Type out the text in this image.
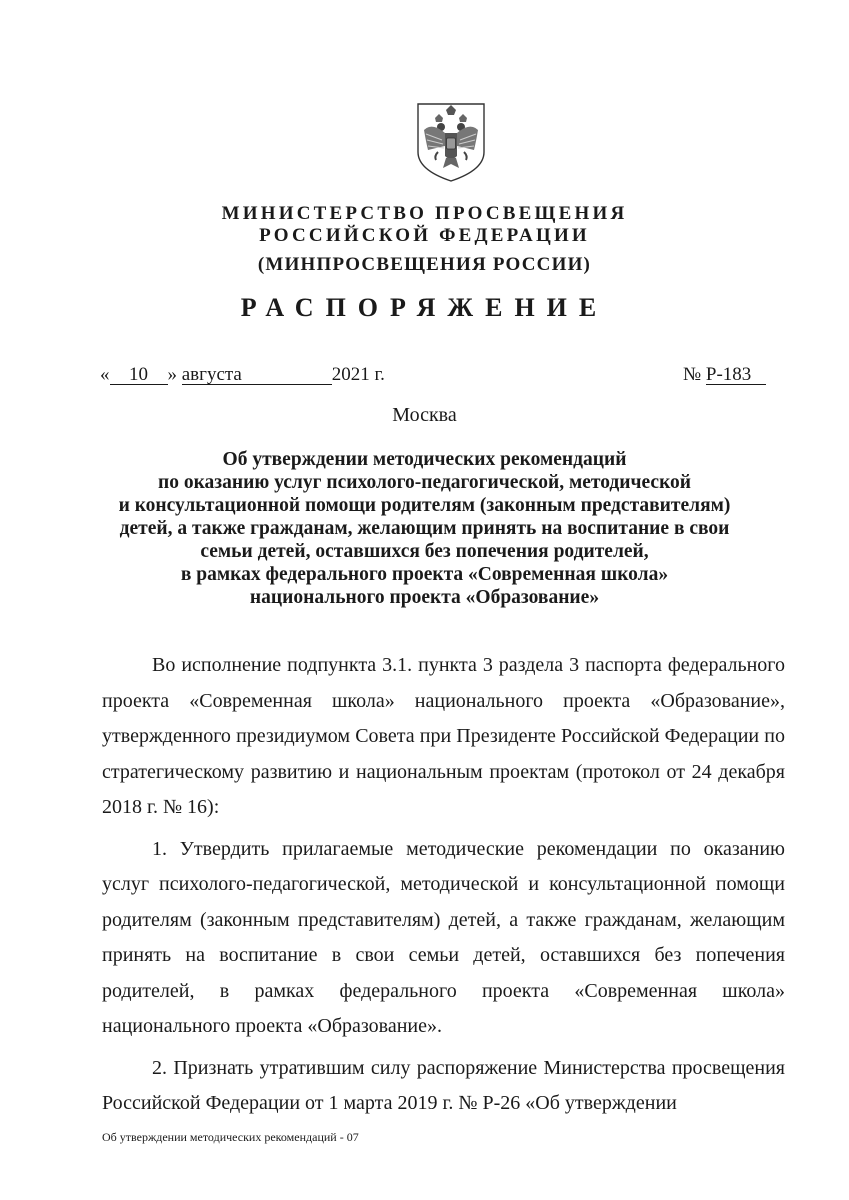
МИНИСТЕРСТВО ПРОСВЕЩЕНИЯ
РОССИЙСКОЙ ФЕДЕРАЦИИ
(МИНПРОСВЕЩЕНИЯ РОССИИ)
РАСПОРЯЖЕНИЕ
« 10 » августа	2021 г.	№ Р-183
Москва
Об утверждении методических рекомендаций
по оказанию услуг психолого-педагогической, методической
и консультационной помощи родителям (законным представителям)
детей, а также гражданам, желающим принять на воспитание в свои
семьи детей, оставшихся без попечения родителей,
в рамках федерального проекта «Современная школа»
национального проекта «Образование»

Во исполнение подпункта 3.1. пункта 3 раздела 3 паспорта федерального проекта «Современная школа» национального проекта «Образование», утвержденного президиумом Совета при Президенте Российской Федерации по стратегическому развитию и национальным проектам (протокол от 24 декабря 2018 г. № 16):

1. Утвердить прилагаемые методические рекомендации по оказанию услуг психолого-педагогической, методической и консультационной помощи родителям (законным представителям) детей, а также гражданам, желающим принять на воспитание в свои семьи детей, оставшихся без попечения родителей, в рамках федерального проекта «Современная школа» национального проекта «Образование».

2. Признать утратившим силу распоряжение Министерства просвещения Российской Федерации от 1 марта 2019 г. № Р-26 «Об утверждении

Об утверждении методических рекомендаций - 07
